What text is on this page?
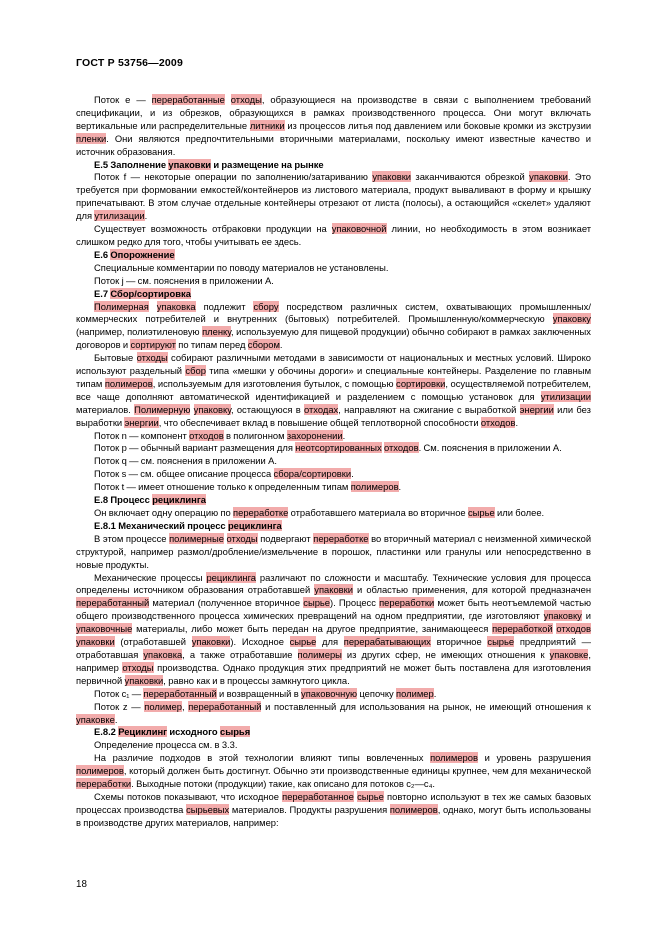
ГОСТ Р 53756—2009

Поток e — переработанные отходы, образующиеся на производстве в связи с выполнением требований спецификации, и из обрезков, образующихся в рамках производственного процесса. Они могут включать вертикальные или распределительные литники из процессов литья под давлением или боковые кромки из экструзии пленки. Они являются предпочтительными вторичными материалами, поскольку имеют известные качество и источник образования.

Е.5 Заполнение упаковки и размещение на рынке

Поток f — некоторые операции по заполнению/затариванию упаковки заканчиваются обрезкой упаковки. Это требуется при формовании емкостей/контейнеров из листового материала, продукт вываливают в форму и крышку припечатывают. В этом случае отдельные контейнеры отрезают от листа (полосы), а остающийся «скелет» удаляют для утилизации.

Существует возможность отбраковки продукции на упаковочной линии, но необходимость в этом возникает слишком редко для того, чтобы учитывать ее здесь.

Е.6 Опорожнение

Специальные комментарии по поводу материалов не установлены.

Поток j — см. пояснения в приложении А.

Е.7 Сбор/сортировка

Полимерная упаковка подлежит сбору посредством различных систем, охватывающих промышленных/коммерческих потребителей и внутренних (бытовых) потребителей. Промышленную/коммерческую упаковку (например, полиэтиленовую пленку, используемую для пищевой продукции) обычно собирают в рамках заключенных договоров и сортируют по типам перед сбором.

Бытовые отходы собирают различными методами в зависимости от национальных и местных условий. Широко используют раздельный сбор типа «мешки у обочины дороги» и специальные контейнеры. Разделение по главным типам полимеров, используемым для изготовления бутылок, с помощью сортировки, осуществляемой потребителем, все чаще дополняют автоматической идентификацией и разделением с помощью установок для утилизации материалов. Полимерную упаковку, остающуюся в отходах, направляют на сжигание с выработкой энергии или без выработки энергии, что обеспечивает вклад в повышение общей теплотворной способности отходов.

Поток n — компонент отходов в полигонном захоронении.

Поток p — обычный вариант размещения для неотсортированных отходов. См. пояснения в приложении А.

Поток q — см. пояснения в приложении А.

Поток s — см. общее описание процесса сбора/сортировки.

Поток t — имеет отношение только к определенным типам полимеров.

Е.8 Процесс рециклинга

Он включает одну операцию по переработке отработавшего материала во вторичное сырье или более.

Е.8.1 Механический процесс рециклинга

В этом процессе полимерные отходы подвергают переработке во вторичный материал с неизменной химической структурой, например размол/дробление/измельчение в порошок, пластинки или гранулы или непосредственно в новые продукты.

Механические процессы рециклинга различают по сложности и масштабу. Технические условия для процесса определены источником образования отработавшей упаковки и областью применения, для которой предназначен переработанный материал (полученное вторичное сырье). Процесс переработки может быть неотъемлемой частью общего производственного процесса химических превращений на одном предприятии, где изготовляют упаковку и упаковочные материалы, либо может быть передан на другое предприятие, занимающееся переработкой отходов упаковки (отработавшей упаковки). Исходное сырье для перерабатывающих вторичное сырье предприятий — отработавшая упаковка, а также отработавшие полимеры из других сфер, не имеющих отношения к упаковке, например отходы производства. Однако продукция этих предприятий не может быть поставлена для изготовления первичной упаковки, равно как и в процессы замкнутого цикла.

Поток c₁ — переработанный и возвращенный в упаковочную цепочку полимер.

Поток z — полимер, переработанный и поставленный для использования на рынок, не имеющий отношения к упаковке.

Е.8.2 Рециклинг исходного сырья

Определение процесса см. в 3.3.

На различие подходов в этой технологии влияют типы вовлеченных полимеров и уровень разрушения полимеров, который должен быть достигнут. Обычно эти производственные единицы крупнее, чем для механической переработки. Выходные потоки (продукции) такие, как описано для потоков c₂—c₄.

Схемы потоков показывают, что исходное переработанное сырье повторно используют в тех же самых базовых процессах производства сырьевых материалов. Продукты разрушения полимеров, однако, могут быть использованы в производстве других материалов, например:

18
